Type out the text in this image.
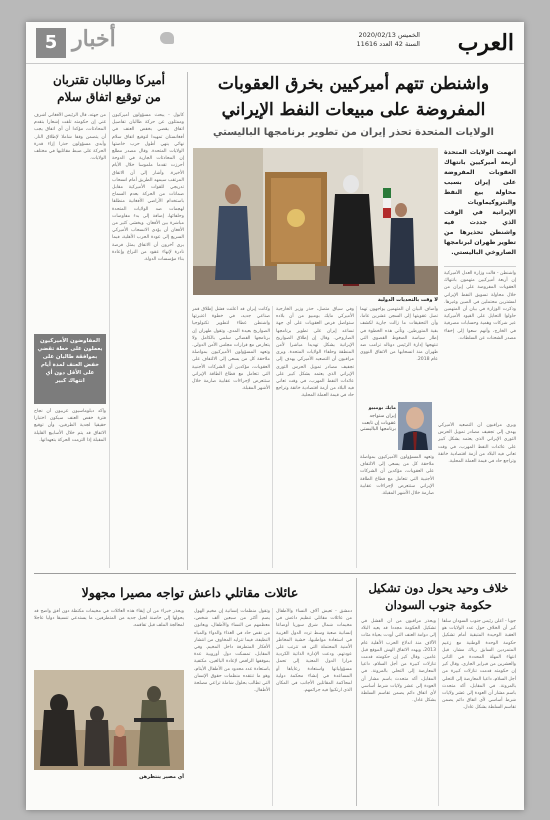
العرب
الخميس 2020/02/13
السنة 42 العدد 11616
5 أخبار
واشنطن تتهم أميركيين بخرق العقوبات
المفروضة على مبيعات النفط الإيراني
الولايات المتحدة تحذر إيران من تطوير برنامجها الباليستي
اتهمت الولايات المتحدة أربعة أميركيين بانتهاك العقوبات المفروضة على إيران بسبب محاولة بيع النفط والبتروكيماويات الإيرانية في الوقت الذي جددت فيه واشنطن تحذيرها من تطوير طهران لبرنامجها الصاروخي الباليستي.
واشنطن - قالت وزارة العدل الأميركية إن أربعة أميركيين متهمون بانتهاك العقوبات المفروضة على إيران من خلال محاولة تسويق النفط الإيراني لمشترين محتملين في الصين وغيرها. وذكرت الوزارة في بيان أن المتهمين حاولوا التحايل على القيود الأميركية عبر شركات وهمية وحسابات مصرفية في الخارج، وأنهم سعوا إلى إخفاء مصدر الشحنات عن السلطات.
لا وقت بالتحديات الدولية
وأضاف البيان أن المتهمين يواجهون تهما تصل عقوبتها إلى السجن عشرين عاما، وأن التحقيقات ما زالت جارية لكشف بقية المتورطين. وتأتي هذه الخطوة في إطار سياسة الضغوط القصوى التي تنتهجها إدارة الرئيس دونالد ترامب ضد طهران منذ انسحابها من الاتفاق النووي عام 2018.
وفي سياق متصل، حذر وزير الخارجية الأميركي مايك بومبيو من أن بلاده ستواصل فرض العقوبات على أي جهة تساعد إيران على تطوير برنامجها الصاروخي. وقال إن إطلاق الصواريخ الإيرانية يشكل تهديدا مباشرا لأمن المنطقة وحلفاء الولايات المتحدة. ويرى مراقبون أن التصعيد الأميركي يهدف إلى تجفيف مصادر تمويل الحرس الثوري الإيراني الذي يعتمد بشكل كبير على عائدات النفط المهرب، في وقت تعاني فيه البلاد من أزمة اقتصادية خانقة وتراجع حاد في قيمة العملة المحلية.
وكانت إيران قد أعلنت فشل إطلاق قمر صناعي جديد، في خطوة اعتبرتها واشنطن غطاء لتطوير تكنولوجيا الصواريخ بعيدة المدى. وتقول طهران إن برنامجها الفضائي سلمي بالكامل ولا يتعارض مع قرارات مجلس الأمن الدولي. وتعهد المسؤولون الأميركيون بمواصلة ملاحقة كل من يسعى إلى الالتفاف على العقوبات، مؤكدين أن الشركات الأجنبية التي تتعامل مع قطاع الطاقة الإيراني ستتعرض لإجراءات عقابية صارمة خلال الأشهر المقبلة.
مايك بومبيو
إيران ستواجه عقوبات إن تابعت برنامجها الباليستي
ويرى مراقبون أن التصعيد الأميركي يهدف إلى تجفيف مصادر تمويل الحرس الثوري الإيراني الذي يعتمد بشكل كبير على عائدات النفط المهرب، في وقت تعاني فيه البلاد من أزمة اقتصادية خانقة وتراجع حاد في قيمة العملة المحلية.
وتعهد المسؤولون الأميركيون بمواصلة ملاحقة كل من يسعى إلى الالتفاف على العقوبات، مؤكدين أن الشركات الأجنبية التي تتعامل مع قطاع الطاقة الإيراني ستتعرض لإجراءات عقابية صارمة خلال الأشهر المقبلة.
أميركا وطالبان تقتربان
من توقيع اتفاق سلام
كابول - يبحث مسؤولون أميركيون وممثلون عن حركة طالبان تفاصيل اتفاق يقضي بخفض العنف في أفغانستان تمهيدا لتوقيع اتفاق سلام نهائي ينهي أطول حرب خاضتها الولايات المتحدة. وقال مصدر مطلع إن المحادثات الجارية في الدوحة أحرزت تقدما ملموسا خلال الأيام الأخيرة. وأشار إلى أن الاتفاق المرتقب سيمهد الطريق أمام انسحاب تدريجي للقوات الأميركية مقابل ضمانات من الحركة بعدم السماح باستخدام الأراضي الأفغانية منطلقا لهجمات ضد الولايات المتحدة وحلفائها، إضافة إلى بدء مفاوضات مباشرة بين الأفغان. ويخشى كثير من الأفغان أن يؤدي الانسحاب الأميركي السريع إلى عودة الحرب الأهلية، فيما يرى آخرون أن الاتفاق يمثل فرصة نادرة لإنهاء عقود من النزاع وإعادة بناء مؤسسات الدولة.
من جهته، قال الرئيس الأفغاني أشرف غني إن حكومته تلقت إشعارا بتقدم المحادثات، مؤكدا أن أي اتفاق يجب أن يتضمن وقفا شاملا لإطلاق النار. وأبدى مسؤولون حذرا إزاء قدرة الحركة على ضبط مقاتليها في مختلف الولايات.
المفاوضون الأميركيون يعملون على خطة تقضي بموافقة طالبان على خفض العنف لمدة أيام على الأقل دون أي انتهاك كبير
وأكد دبلوماسيون غربيون أن نجاح فترة خفض العنف سيكون اختبارا حقيقيا لجدية الطرفين، وأن توقيع الاتفاق قد يتم خلال الأسابيع القليلة المقبلة إذا التزمت الحركة بتعهداتها.
خلاف وحيد يحول دون تشكيل
حكومة جنوب السودان
جوبا - أعلن رئيس جنوب السودان سلفا كير أن الخلاف حول عدد الولايات هو العقبة الوحيدة المتبقية أمام تشكيل حكومة الوحدة الوطنية مع زعيم المتمردين السابق رياك مشار، قبل انتهاء المهلة المحددة في الثاني والعشرين من فبراير الجاري. وقال كير إن حكومته قدمت تنازلات كبيرة من أجل السلام، داعيا المعارضة إلى التحلي بالمرونة. في المقابل، أكد متحدث باسم مشار أن العودة إلى عشر ولايات شرط أساسي لأي اتفاق دائم يضمن تقاسم السلطة بشكل عادل.
ويحذر مراقبون من أن الفشل في تشكيل الحكومة مجددا قد يعيد البلاد إلى دوامة العنف التي أودت بحياة مئات الآلاف منذ اندلاع الحرب الأهلية عام 2013، ويهدد الاتفاق الهش الموقع قبل عامين. وقال كير إن حكومته قدمت تنازلات كبيرة من أجل السلام، داعيا المعارضة إلى التحلي بالمرونة. في المقابل، أكد متحدث باسم مشار أن العودة إلى عشر ولايات شرط أساسي لأي اتفاق دائم يضمن تقاسم السلطة بشكل عادل.
عائلات مقاتلي داعش تواجه مصيرا مجهولا
دمشق - تعيش آلاف النساء والأطفال من عائلات مقاتلي تنظيم داعش في مخيمات شمال شرق سوريا أوضاعا إنسانية صعبة وسط تردد الدول الغربية في استعادة مواطنيها، خشية المخاطر الأمنية المحتملة التي قد تترتب على عودتهم. ودعت الإدارة الذاتية الكردية مرارا الدول المعنية إلى تحمل مسؤولياتها واستعادة رعاياها أو المساعدة في إنشاء محكمة دولية لمحاكمة المقاتلين الأجانب في المكان الذي ارتكبوا فيه جرائمهم.
وتقول منظمات إنسانية إن مخيم الهول يضم أكثر من سبعين ألف شخص، معظمهم من النساء والأطفال، ويعانون من نقص حاد في الغذاء والدواء والمياه النظيفة، فيما تتزايد المخاوف من انتشار الأفكار المتطرفة داخل المخيم. وفي المقابل، تمسكت دول أوروبية عدة بموقفها الرافض لإعادة البالغين، مكتفية باستعادة عدد محدود من الأطفال الأيتام، وهو ما تنتقده منظمات حقوق الإنسان التي تطالب بحلول شاملة تراعي مصلحة الأطفال.
ويحذر خبراء من أن إبقاء هذه العائلات في مخيمات مكتظة دون أفق واضح قد يحولها إلى حاضنة لجيل جديد من المتطرفين، ما يستدعي تنسيقا دوليا عاجلا لمعالجة الملف قبل تفاقمه.
أي مصير ينتظرهن
